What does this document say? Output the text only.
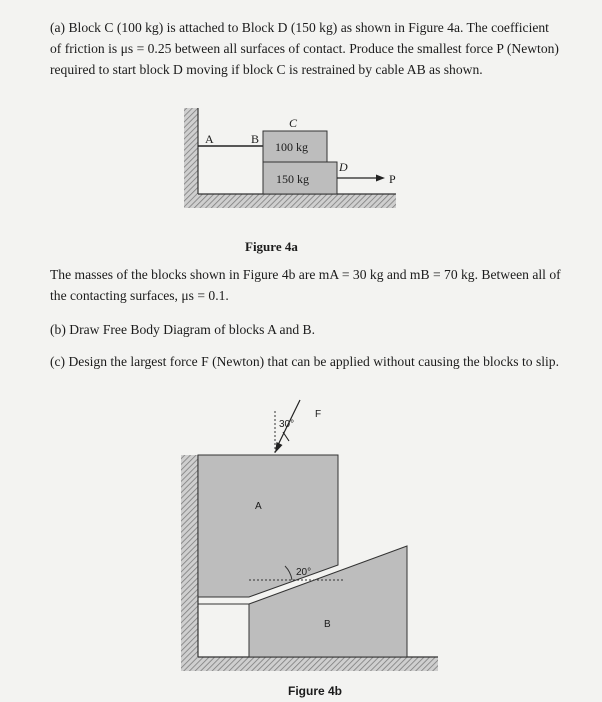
(a) Block C (100 kg) is attached to Block D (150 kg) as shown in Figure 4a. The coefficient
of friction is μs = 0.25 between all surfaces of contact. Produce the smallest force P (Newton)
required to start block D moving if block C is restrained by cable AB as shown.
A	B
C
D
P
100 kg
150 kg
30°
F
20°
A
B
Figure 4a
The masses of the blocks shown in Figure 4b are mA = 30 kg and mB = 70 kg. Between all of
the contacting surfaces, μs = 0.1.
(b) Draw Free Body Diagram of blocks A and B.
(c) Design the largest force F (Newton) that can be applied without causing the blocks to slip.
Figure 4b
